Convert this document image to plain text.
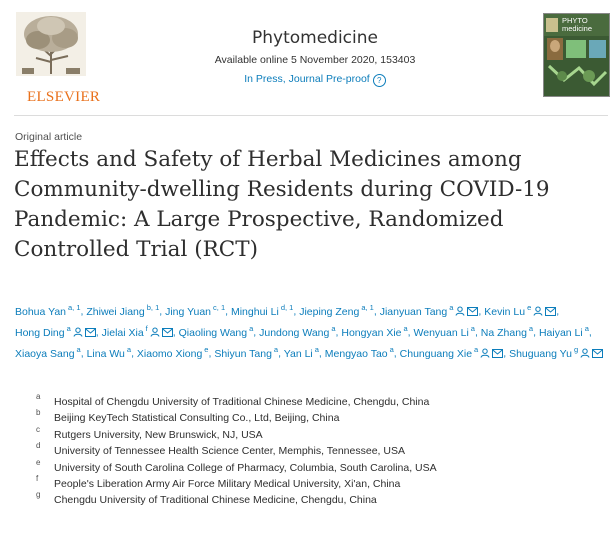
ELSEVIER
Phytomedicine
Available online 5 November 2020, 153403
In Press, Journal Pre-proof ?
PHYTO medicine
Original article
Effects and Safety of Herbal Medicines among Community-dwelling Residents during COVID-19 Pandemic: A Large Prospective, Randomized Controlled Trial (RCT)
Bohua Yan $^{a, 1}$, Zhiwei Jiang $^{b, 1}$, Jing Yuan $^{c, 1}$, Minghui Li $^{d, 1}$, Jieping Zeng $^{a, 1}$, Jianyuan Tang $^a$ , Kevin Lu $^e$ , Hong Ding $^a$ , Jielai Xia $^f$ , Qiaoling Wang $^a$, Jundong Wang $^a$, Hongyan Xie $^a$, Wenyuan Li $^a$, Na Zhang $^a$, Haiyan Li $^a$, Xiaoya Sang $^a$, Lina Wu $^a$, Xiaomo Xiong $^e$, Shiyun Tang $^a$, Yan Li $^a$, Mengyao Tao $^a$, Chunguang Xie $^a$ , Shuguang Yu $^g$
a	Hospital of Chengdu University of Traditional Chinese Medicine, Chengdu, China
b	Beijing KeyTech Statistical Consulting Co., Ltd, Beijing, China
c	Rutgers University, New Brunswick, NJ, USA
d	University of Tennessee Health Science Center, Memphis, Tennessee, USA
e	University of South Carolina College of Pharmacy, Columbia, South Carolina, USA
f	People's Liberation Army Air Force Military Medical University, Xi'an, China
g	Chengdu University of Traditional Chinese Medicine, Chengdu, China
